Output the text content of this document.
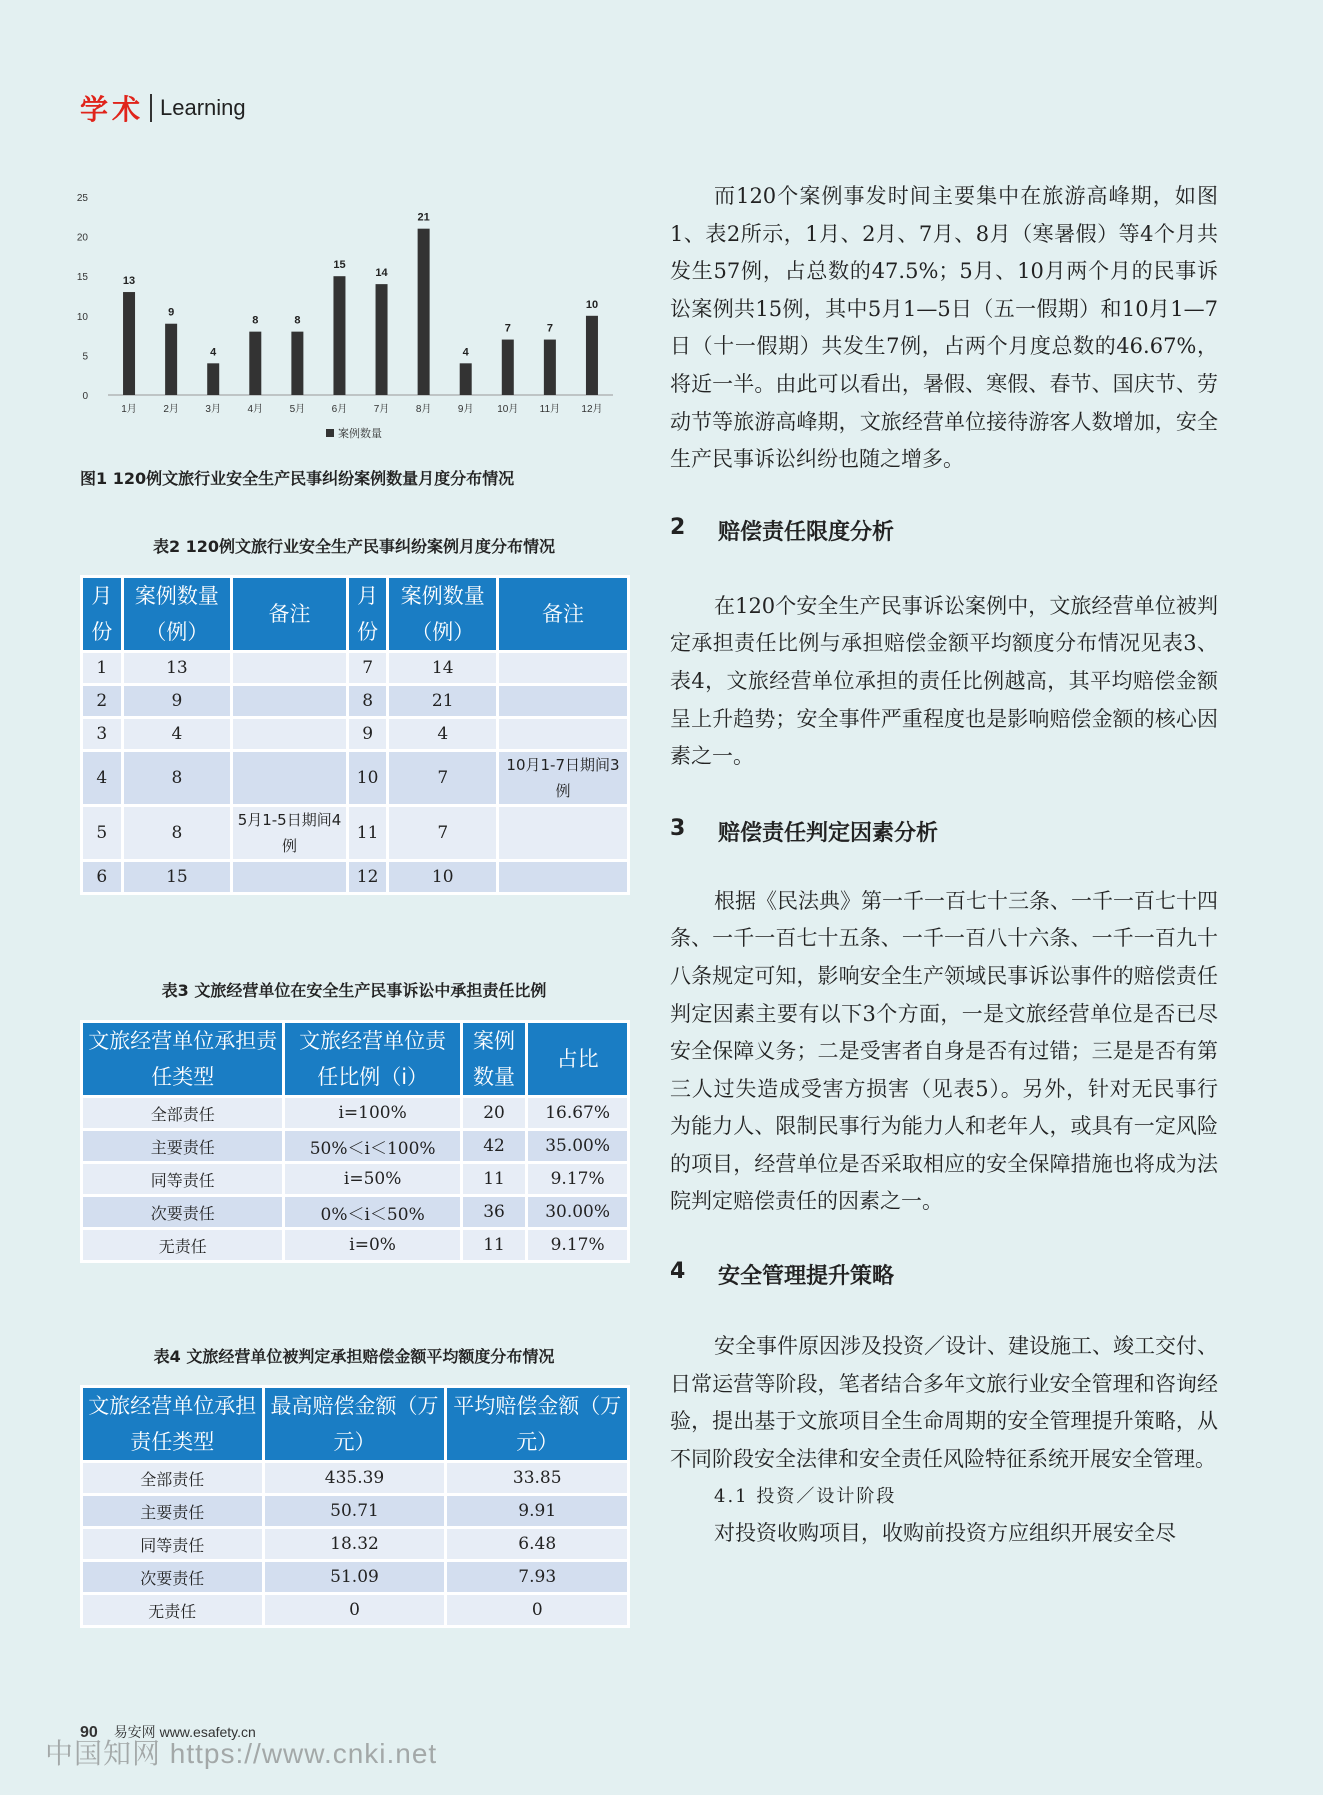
学术 Learning
0
5
10
15
20
25
13
1月
9
2月
4
3月
8
4月
8
5月
15
6月
14
7月
21
8月
4
9月
7
10月
7
11月
10
12月
案例数量
图1 120例文旅行业安全生产民事纠纷案例数量月度分布情况
表2 120例文旅行业安全生产民事纠纷案例月度分布情况
月份	案例数量（例）	备注	月份	案例数量（例）	备注
1	13		7	14	
2	9		8	21	
3	4		9	4	
4	8		10	7	10月1-7日期间3例
5	8	5月1-5日期间4例	11	7	
6	15		12	10	
表3 文旅经营单位在安全生产民事诉讼中承担责任比例
文旅经营单位承担责任类型	文旅经营单位责任比例（i）	案例数量	占比
全部责任	i=100%	20	16.67%
主要责任	50%＜i＜100%	42	35.00%
同等责任	i=50%	11	9.17%
次要责任	0%＜i＜50%	36	30.00%
无责任	i=0%	11	9.17%
表4 文旅经营单位被判定承担赔偿金额平均额度分布情况
文旅经营单位承担责任类型	最高赔偿金额（万元）	平均赔偿金额（万元）
全部责任	435.39	33.85
主要责任	50.71	9.91
同等责任	18.32	6.48
次要责任	51.09	7.93
无责任	0	0

而120个案例事发时间主要集中在旅游高峰期，如图1、表2所示，1月、2月、7月、8月（寒暑假）等4个月共发生57例，占总数的47.5%；5月、10月两个月的民事诉讼案例共15例，其中5月1—5日（五一假期）和10月1—7日（十一假期）共发生7例，占两个月度总数的46.67%，将近一半。由此可以看出，暑假、寒假、春节、国庆节、劳动节等旅游高峰期，文旅经营单位接待游客人数增加，安全生产民事诉讼纠纷也随之增多。

2	赔偿责任限度分析

在120个安全生产民事诉讼案例中，文旅经营单位被判定承担责任比例与承担赔偿金额平均额度分布情况见表3、表4，文旅经营单位承担的责任比例越高，其平均赔偿金额呈上升趋势；安全事件严重程度也是影响赔偿金额的核心因素之一。

3	赔偿责任判定因素分析

根据《民法典》第一千一百七十三条、一千一百七十四条、一千一百七十五条、一千一百八十六条、一千一百九十八条规定可知，影响安全生产领域民事诉讼事件的赔偿责任判定因素主要有以下3个方面，一是文旅经营单位是否已尽安全保障义务；二是受害者自身是否有过错；三是是否有第三人过失造成受害方损害（见表5）。另外，针对无民事行为能力人、限制民事行为能力人和老年人，或具有一定风险的项目，经营单位是否采取相应的安全保障措施也将成为法院判定赔偿责任的因素之一。

4	安全管理提升策略

安全事件原因涉及投资／设计、建设施工、竣工交付、日常运营等阶段，笔者结合多年文旅行业安全管理和咨询经验，提出基于文旅项目全生命周期的安全管理提升策略，从不同阶段安全法律和安全责任风险特征系统开展安全管理。

4.1 投资／设计阶段

对投资收购项目，收购前投资方应组织开展安全尽

90 易安网 www.esafety.cn
中国知网 https://www.cnki.net
